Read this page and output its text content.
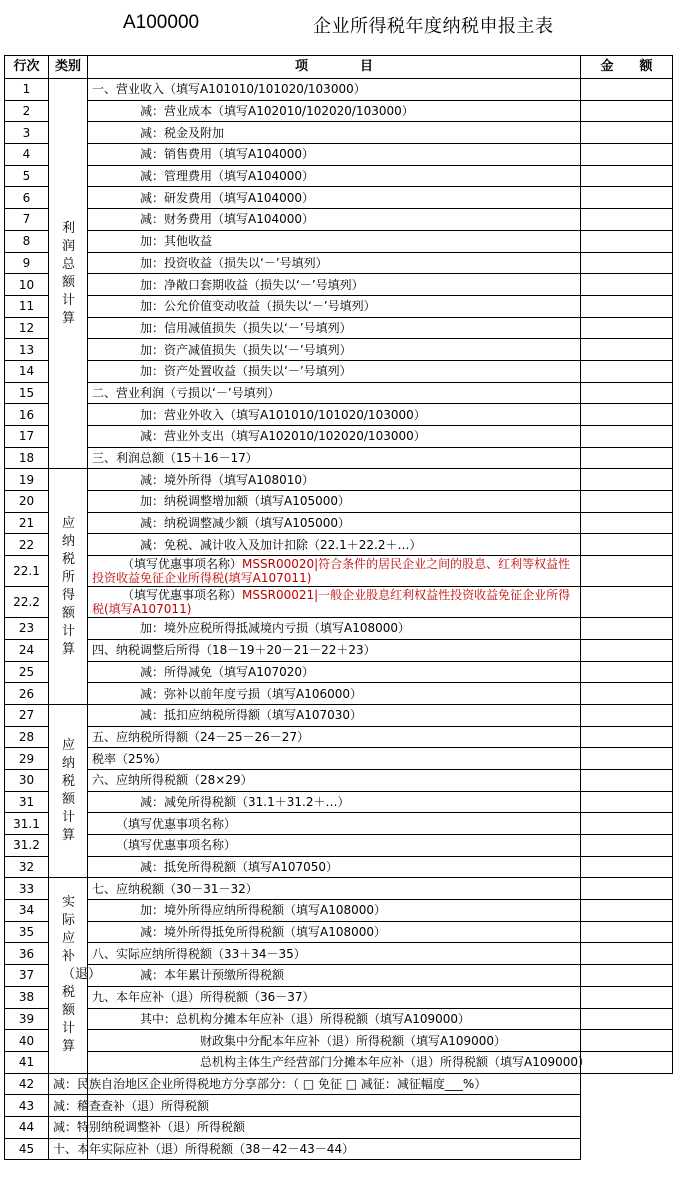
A100000	企业所得税年度纳税申报主表
行次	类别	项　　　　目	金　　额
1	利润总额计算	一、营业收入（填写A101010/101020/103000）	
2	　　　　	减：营业成本（填写A102010/102020/103000）	
3	　　　　	减：税金及附加	
4	　　　　	减：销售费用（填写A104000）	
5	　　　　	减：管理费用（填写A104000）	
6	　　　　	减：研发费用（填写A104000）	
7	　　　　	减：财务费用（填写A104000）	
8	　　　　	加：其他收益	
9	　　　　	加：投资收益（损失以‘－’号填列）	
10	　　　　	加：净敞口套期收益（损失以‘－’号填列）	
11	　　　　	加：公允价值变动收益（损失以‘－’号填列）	
12	　　　　	加：信用减值损失（损失以‘－’号填列）	
13	　　　　	加：资产减值损失（损失以‘－’号填列）	
14	　　　　	加：资产处置收益（损失以‘－’号填列）	
15		二、营业利润（亏损以‘－’号填列）	
16	　　　　	加：营业外收入（填写A101010/101020/103000）	
17	　　　　	减：营业外支出（填写A102010/102020/103000）	
18		三、利润总额（15＋16－17）	
19	应纳税所得额计算	　　　　减：境外所得（填写A108010）	
20	　　　　	加：纳税调整增加额（填写A105000）	
21	　　　　	减：纳税调整减少额（填写A105000）	
22	　　　　	减：免税、减计收入及加计扣除（22.1＋22.2＋…）	
22.1		　　　（填写优惠事项名称）MSSR00020|符合条件的居民企业之间的股息、红利等权益性投资收益免征企业所得税(填写A107011)	

22.2		　　　（填写优惠事项名称）MSSR00021|一般企业股息红利权益性投资收益免征企业所得税(填写A107011)	

23	　　　　	加：境外应税所得抵减境内亏损（填写A108000）	
24		四、纳税调整后所得（18－19＋20－21－22＋23）	
25	　　　　	减：所得减免（填写A107020）	
26	　　　　	减：弥补以前年度亏损（填写A106000）	
27	应纳税额计算	　　　　减：抵扣应纳税所得额（填写A107030）	
28		五、应纳税所得额（24－25－26－27）	
29		税率（25%）	
30		六、应纳所得税额（28×29）	
31	　　　　	减：减免所得税额（31.1＋31.2＋…）	
31.1	　　	（填写优惠事项名称）	
31.2	　　	（填写优惠事项名称）	
32	　　　　	减：抵免所得税额（填写A107050）	
33	实际应补（退）税额计算	七、应纳税额（30－31－32）	
34	　　　　	加：境外所得应纳所得税额（填写A108000）	
35	　　　　	减：境外所得抵免所得税额（填写A108000）	
36		八、实际应纳所得税额（33＋34－35）	
37	　　　　	减：本年累计预缴所得税额	
38		九、本年应补（退）所得税额（36－37）	
39	　　　　	其中：总机构分摊本年应补（退）所得税额（填写A109000）	
40	　　　　　　　　　	财政集中分配本年应补（退）所得税额（填写A109000）	
41	　　　　　　　　　	总机构主体生产经营部门分摊本年应补（退）所得税额（填写A109000）	
42	减：民族自治地区企业所得税地方分享部分：（ □ 免征 □ 减征：减征幅度___%）		
43	减：稽查查补（退）所得税额		
44	减：特别纳税调整补（退）所得税额		
45	十、本年实际应补（退）所得税额（38－42－43－44）		
